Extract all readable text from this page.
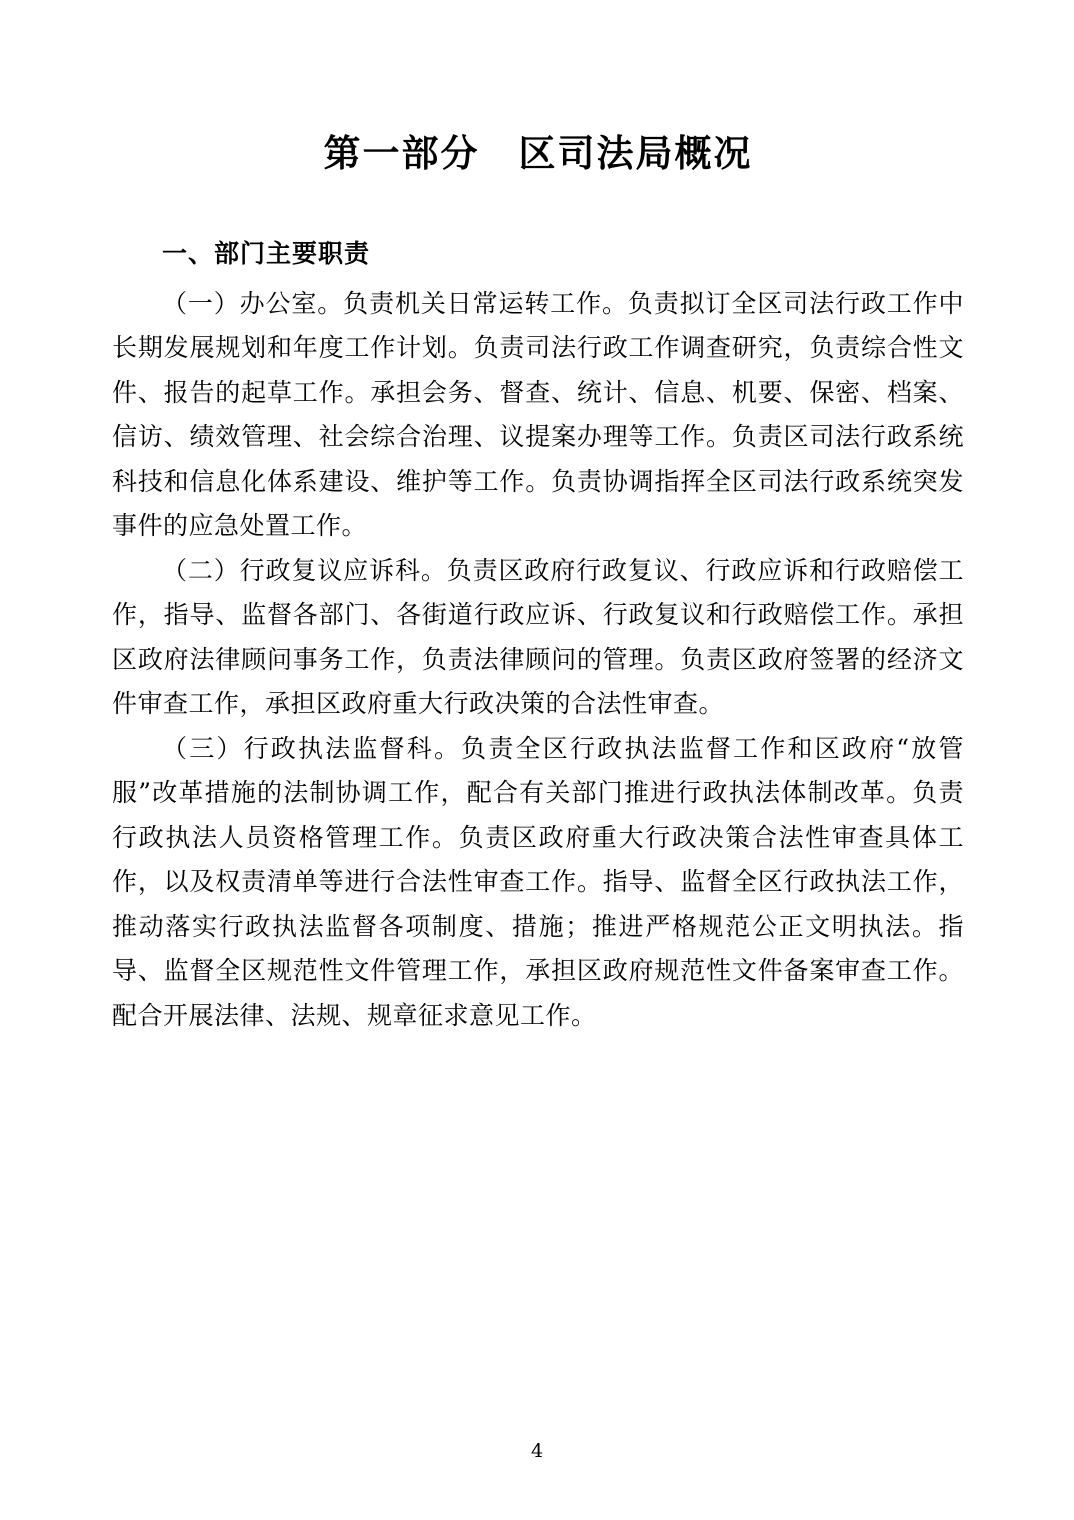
第一部分　区司法局概况
一、部门主要职责

（一）办公室。负责机关日常运转工作。负责拟订全区司法行政工作中长期发展规划和年度工作计划。负责司法行政工作调查研究，负责综合性文件、报告的起草工作。承担会务、督查、统计、信息、机要、保密、档案、信访、绩效管理、社会综合治理、议提案办理等工作。负责区司法行政系统科技和信息化体系建设、维护等工作。负责协调指挥全区司法行政系统突发事件的应急处置工作。

（二）行政复议应诉科。负责区政府行政复议、行政应诉和行政赔偿工作，指导、监督各部门、各街道行政应诉、行政复议和行政赔偿工作。承担区政府法律顾问事务工作，负责法律顾问的管理。负责区政府签署的经济文件审查工作，承担区政府重大行政决策的合法性审查。

（三）行政执法监督科。负责全区行政执法监督工作和区政府“放管服”改革措施的法制协调工作，配合有关部门推进行政执法体制改革。负责行政执法人员资格管理工作。负责区政府重大行政决策合法性审查具体工作，以及权责清单等进行合法性审查工作。指导、监督全区行政执法工作，推动落实行政执法监督各项制度、措施；推进严格规范公正文明执法。指导、监督全区规范性文件管理工作，承担区政府规范性文件备案审查工作。配合开展法律、法规、规章征求意见工作。

4
